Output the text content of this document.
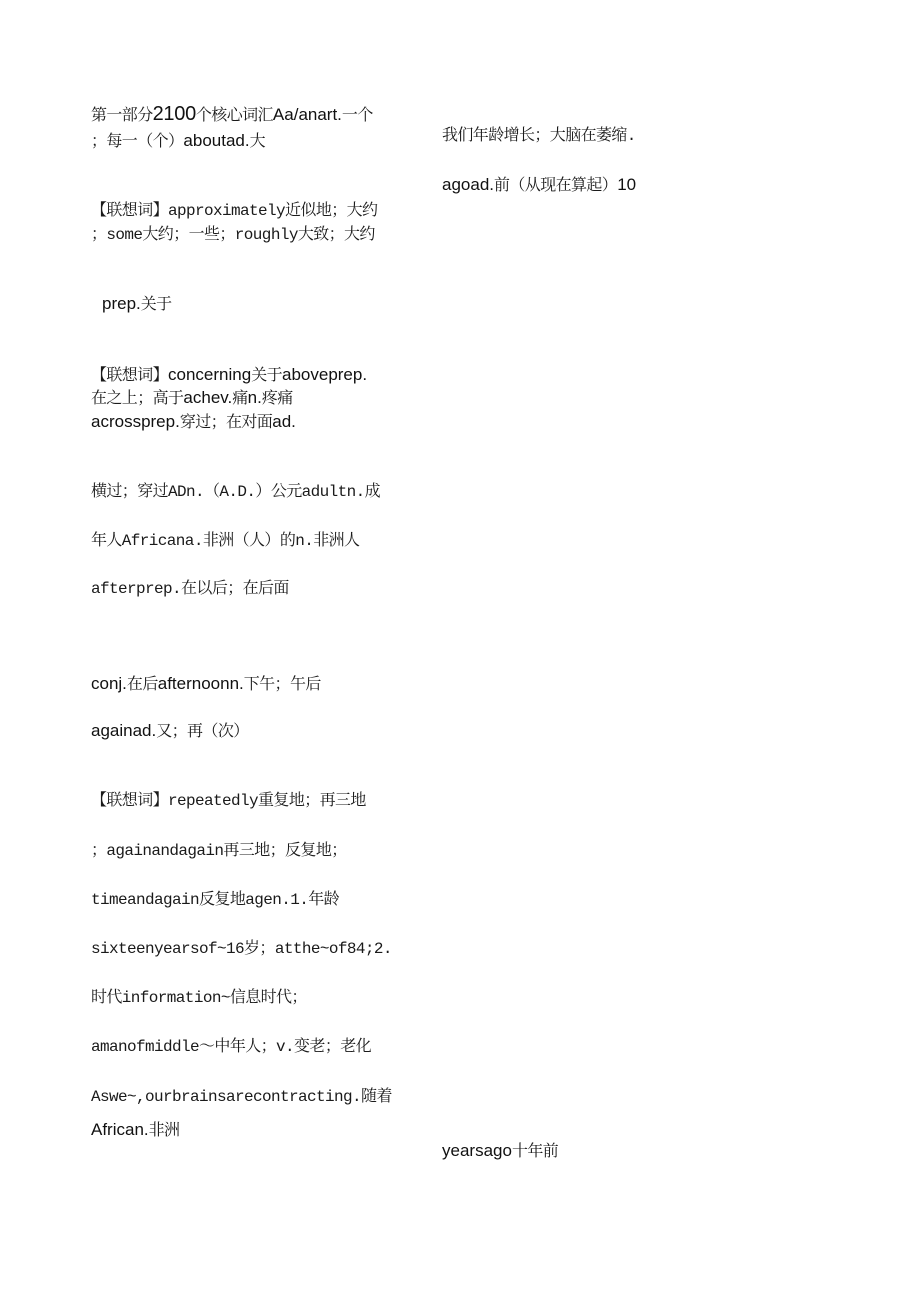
第一部分2100个核心词汇Aa/anart.一个
；每一（个）aboutad.大
【联想词】approximately近似地；大约
；some大约；一些；roughly大致；大约
prep.关于
【联想词】concerning关于aboveprep.
在之上；高于achev.痛n.疼痛
acrossprep.穿过；在对面ad.
横过；穿过ADn.（A.D.）公元adultn.成
年人Africana.非洲（人）的n.非洲人
afterprep.在以后；在后面
conj.在后afternoonn.下午；午后
againad.又；再（次）
【联想词】repeatedly重复地；再三地
；againandagain再三地；反复地；
timeandagain反复地agen.1.年龄
sixteenyearsof~16岁；atthe~of84;2.
时代information~信息时代；
amanofmiddle～中年人；v.变老；老化
Aswe~,ourbrainsarecontracting.随着
African.非洲
我们年龄增长；大脑在萎缩.
agoad.前（从现在算起）10
yearsago十年前
